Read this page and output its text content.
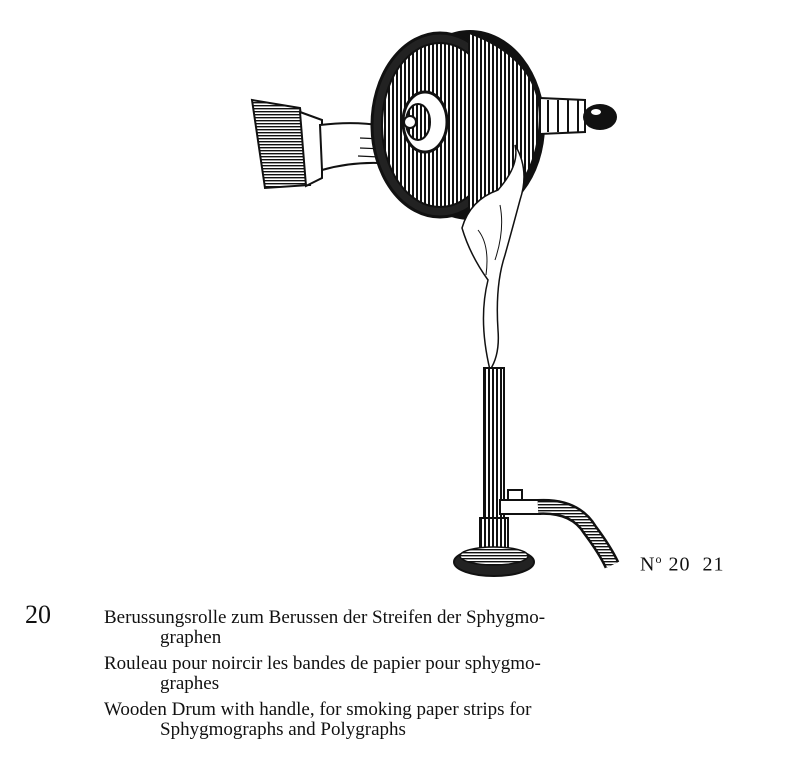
$N^o$ 20  21
20	Berussungsrolle zum Berussen der Streifen der Sphygmo-
graphen
Rouleau pour noircir les bandes de papier pour sphygmo-
graphes
Wooden Drum with handle, for smoking paper strips for
Sphygmographs and Polygraphs
